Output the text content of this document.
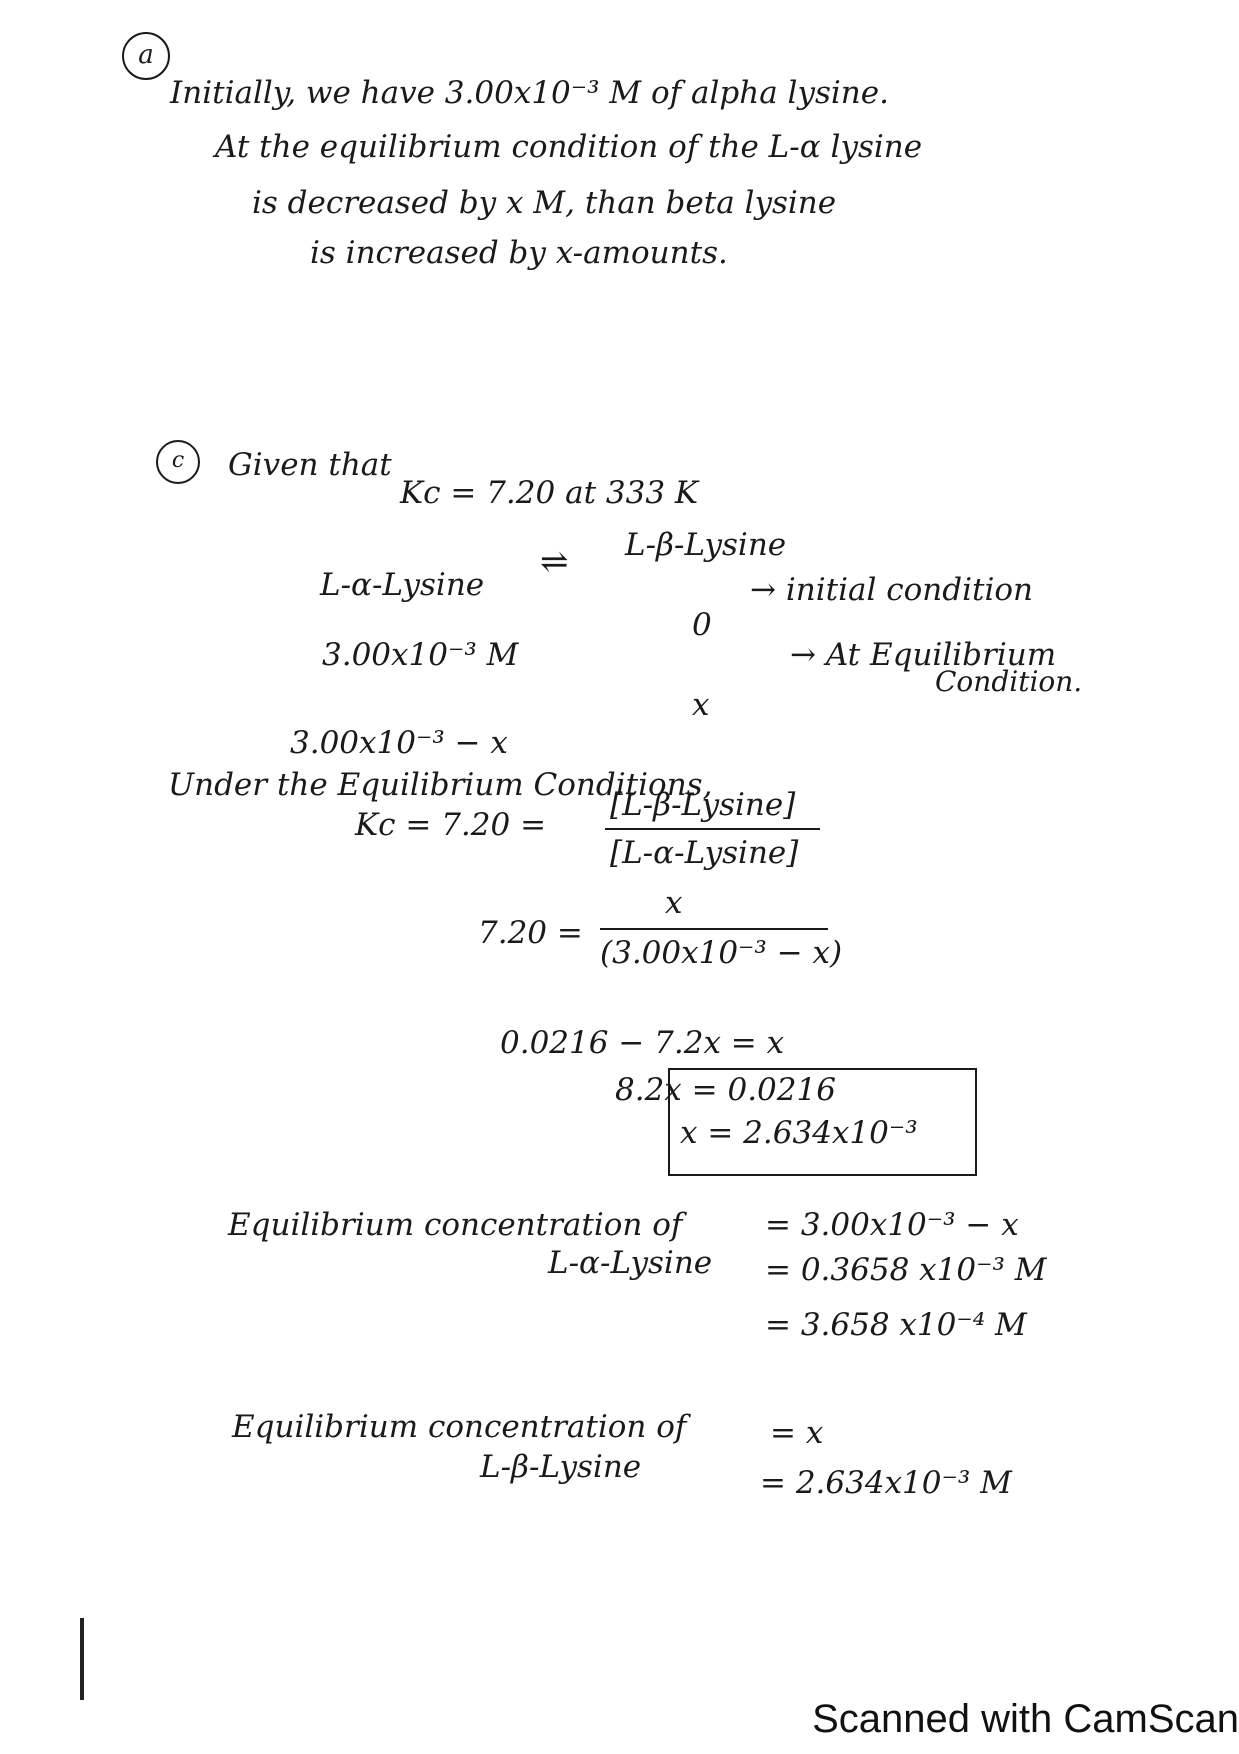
a
Initially, we have 3.00x10⁻³ M of alpha lysine.
At the equilibrium condition of the L-α lysine
is decreased by x M, than beta lysine
is increased by x-amounts.
c	Given that
Kc = 7.20 at 333 K
L-α-Lysine
⇌ L-β-Lysine
3.00x10⁻³ M
0
→ initial condition
x
→ At Equilibrium
Condition.
3.00x10⁻³ − x
Under the Equilibrium Conditions,
Kc = 7.20 =
[L-β-Lysine]
[L-α-Lysine]
7.20 =
x
(3.00x10⁻³ − x)
0.0216 − 7.2x = x
8.2x = 0.0216
x = 2.634x10⁻³
Equilibrium concentration of
L-α-Lysine
= 3.00x10⁻³ − x
= 0.3658 x10⁻³ M
= 3.658 x10⁻⁴ M
Equilibrium concentration of
L-β-Lysine
= x
= 2.634x10⁻³ M
Scanned with CamScan
